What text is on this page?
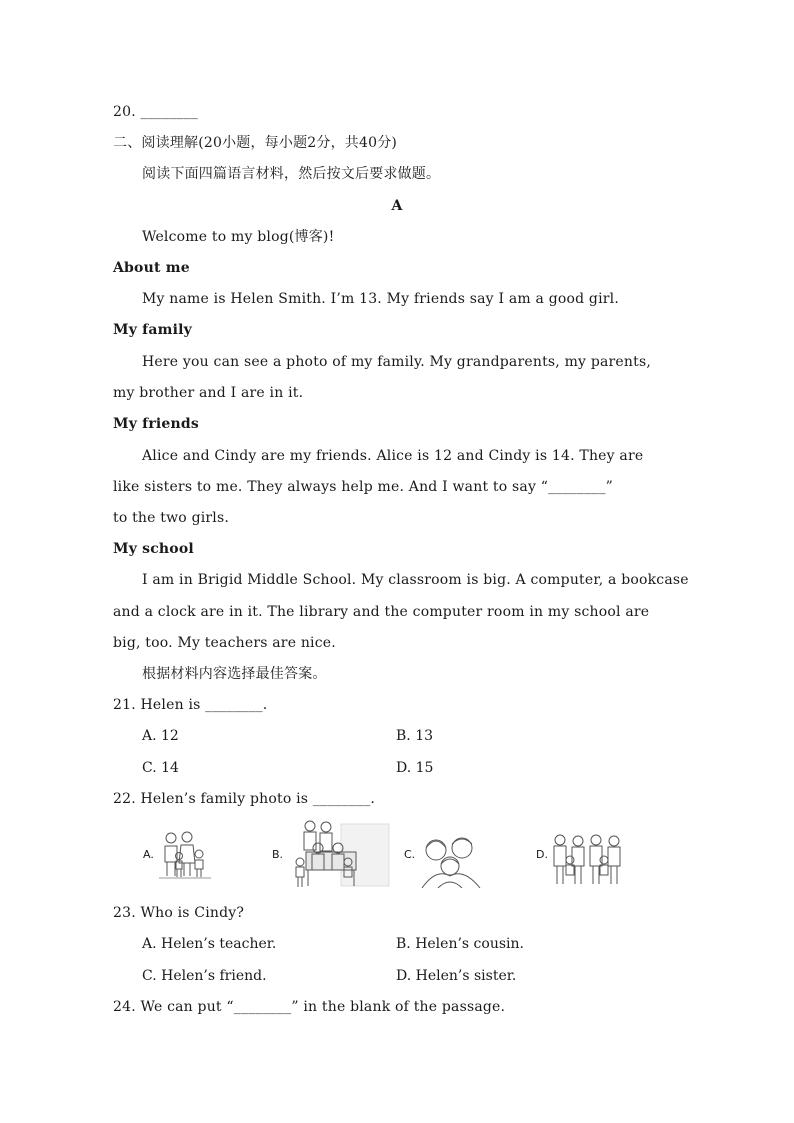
20. ________
二、阅读理解(20小题，每小题2分，共40分)
阅读下面四篇语言材料，然后按文后要求做题。
A
Welcome to my blog(博客)!
About me
My name is Helen Smith. I’m 13. My friends say I am a good girl.
My family
Here you can see a photo of my family. My grandparents, my parents,
my brother and I are in it.
My friends
Alice and Cindy are my friends. Alice is 12 and Cindy is 14. They are
like sisters to me. They always help me. And I want to say “________”
to the two girls.
My school
I am in Brigid Middle School. My classroom is big. A computer, a bookcase
and a clock are in it. The library and the computer room in my school are
big, too. My teachers are nice.
根据材料内容选择最佳答案。
21. Helen is ________.
A. 12	B. 13
C. 14	D. 15
22. Helen’s family photo is ________.
A.	B.	C.	D.
23. Who is Cindy?
A. Helen’s teacher.	B. Helen’s cousin.
C. Helen’s friend.	D. Helen’s sister.
24. We can put “________” in the blank of the passage.
